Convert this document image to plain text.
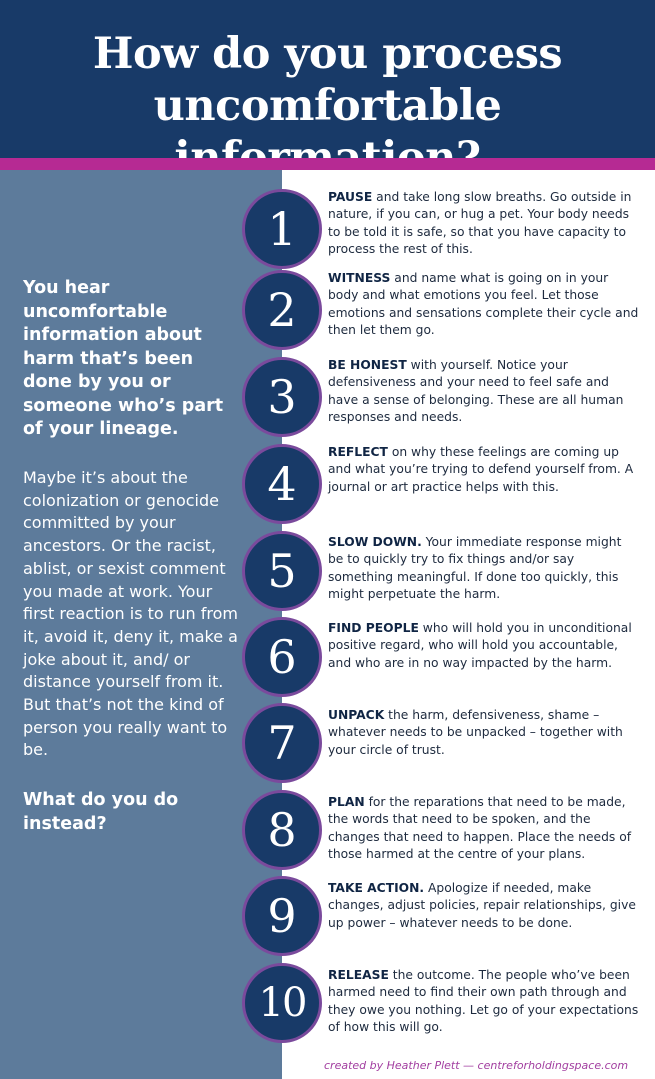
How do you process
uncomfortable
You hear uncomfortable information about harm that’s been done by you or someone who’s part of your lineage.
Maybe it’s about the colonization or genocide committed by your ancestors. Or the racist, ablist, or sexist comment you made at work. Your first reaction is to run from it, avoid it, deny it, make a joke about it, and/ or distance yourself from it. But that’s not the kind of person you really want to be.
What do you do instead?
1
PAUSE and take long slow breaths. Go outside in nature, if you can, or hug a pet. Your body needs to be told it is safe, so that you have capacity to process the rest of this.
2
WITNESS and name what is going on in your body and what emotions you feel. Let those emotions and sensations complete their cycle and then let them go.
3
BE HONEST with yourself. Notice your defensiveness and your need to feel safe and have a sense of belonging. These are all human responses and needs.
4
REFLECT on why these feelings are coming up and what you’re trying to defend yourself from. A journal or art practice helps with this.
5
SLOW DOWN. Your immediate response might be to quickly try to fix things and/or say something meaningful. If done too quickly, this might perpetuate the harm.
6
FIND PEOPLE who will hold you in unconditional positive regard, who will hold you accountable, and who are in no way impacted by the harm.
7
UNPACK the harm, defensiveness, shame – whatever needs to be unpacked – together with your circle of trust.
8
PLAN for the reparations that need to be made, the words that need to be spoken, and the changes that need to happen. Place the needs of those harmed at the centre of your plans.
9
TAKE ACTION. Apologize if needed, make changes, adjust policies, repair relationships, give up power – whatever needs to be done.
10
RELEASE the outcome. The people who’ve been harmed need to find their own path through and they owe you nothing. Let go of your expectations of how this will go.
created by Heather Plett — centreforholdingspace.com
